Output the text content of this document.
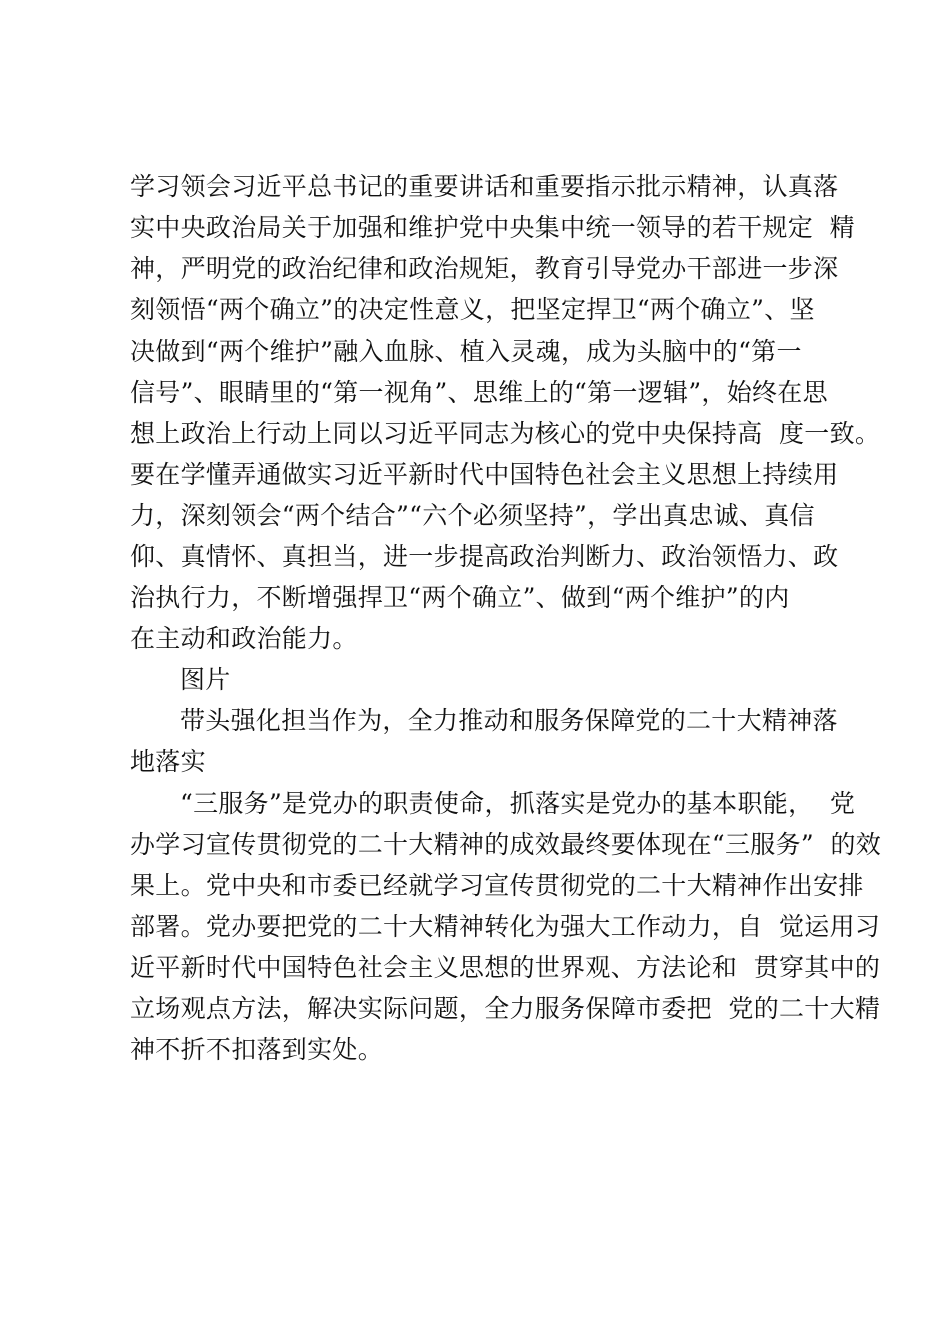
学习领会习近平总书记的重要讲话和重要指示批示精神，认真落
实中央政治局关于加强和维护党中央集中统一领导的若干规定  精
神，严明党的政治纪律和政治规矩，教育引导党办干部进一步深
刻领悟“两个确立”的决定性意义，把坚定捍卫“两个确立”、坚
决做到“两个维护”融入血脉、植入灵魂，成为头脑中的“第一
信号”、眼睛里的“第一视角”、思维上的“第一逻辑”，始终在思
想上政治上行动上同以习近平同志为核心的党中央保持高  度一致。
要在学懂弄通做实习近平新时代中国特色社会主义思想上持续用
力，深刻领会“两个结合”“六个必须坚持”，学出真忠诚、真信
仰、真情怀、真担当，进一步提高政治判断力、政治领悟力、政
治执行力，不断增强捍卫“两个确立”、做到“两个维护”的内
在主动和政治能力。
图片
带头强化担当作为，全力推动和服务保障党的二十大精神落
地落实
“三服务”是党办的职责使命，抓落实是党办的基本职能，  党
办学习宣传贯彻党的二十大精神的成效最终要体现在“三服务”  的效
果上。党中央和市委已经就学习宣传贯彻党的二十大精神作出安排
部署。党办要把党的二十大精神转化为强大工作动力，自  觉运用习
近平新时代中国特色社会主义思想的世界观、方法论和  贯穿其中的
立场观点方法，解决实际问题，全力服务保障市委把  党的二十大精
神不折不扣落到实处。
